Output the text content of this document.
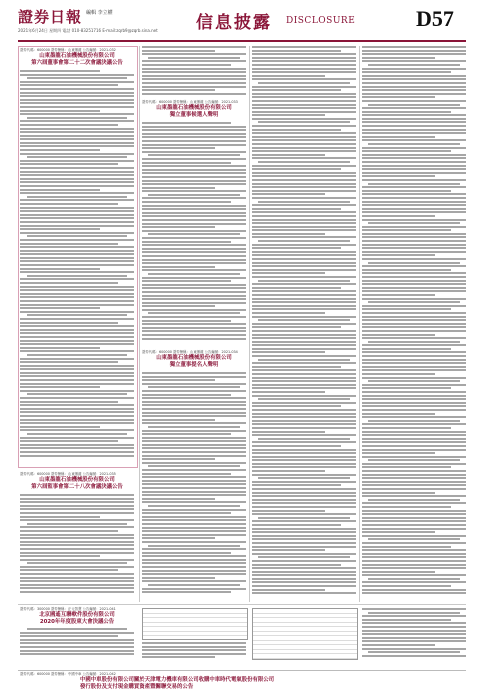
證券日報 編輯 李立權
2021年6月24日 星期四 電話 010-83251716 E-mail:zqrb9@zqrb.sina.net 信息披露 DISCLOSURE	D57
證券代碼：600000 證券簡稱：山東墨龍 公告編號：2021-032
山東墨龍石油機械股份有限公司
第六屆董事會第二十二次會議決議公告
證券代碼：600000 證券簡稱：山東墨龍 公告編號：2021-035
山東墨龍石油機械股份有限公司
第六屆監事會第二十八次會議決議公告
證券代碼：600000 證券簡稱：山東墨龍 公告編號：2021-033
山東墨龍石油機械股份有限公司
獨立董事候選人聲明
證券代碼：600000 證券簡稱：山東墨龍 公告編號：2021-034
山東墨龍石油機械股份有限公司
獨立董事提名人聲明
證券代碼：300000 證券簡稱：正元智慧 公告編號：2021-041
北京國遙互聯軟件股份有限公司
2020年年度股東大會決議公告
證券代碼：600000 證券簡稱：中國中車 公告編號：2021-042
中國中車股份有限公司關於天津電力機車有限公司收購中車時代電氣股份有限公司
發行股份及支付現金購買資產暨關聯交易的公告
